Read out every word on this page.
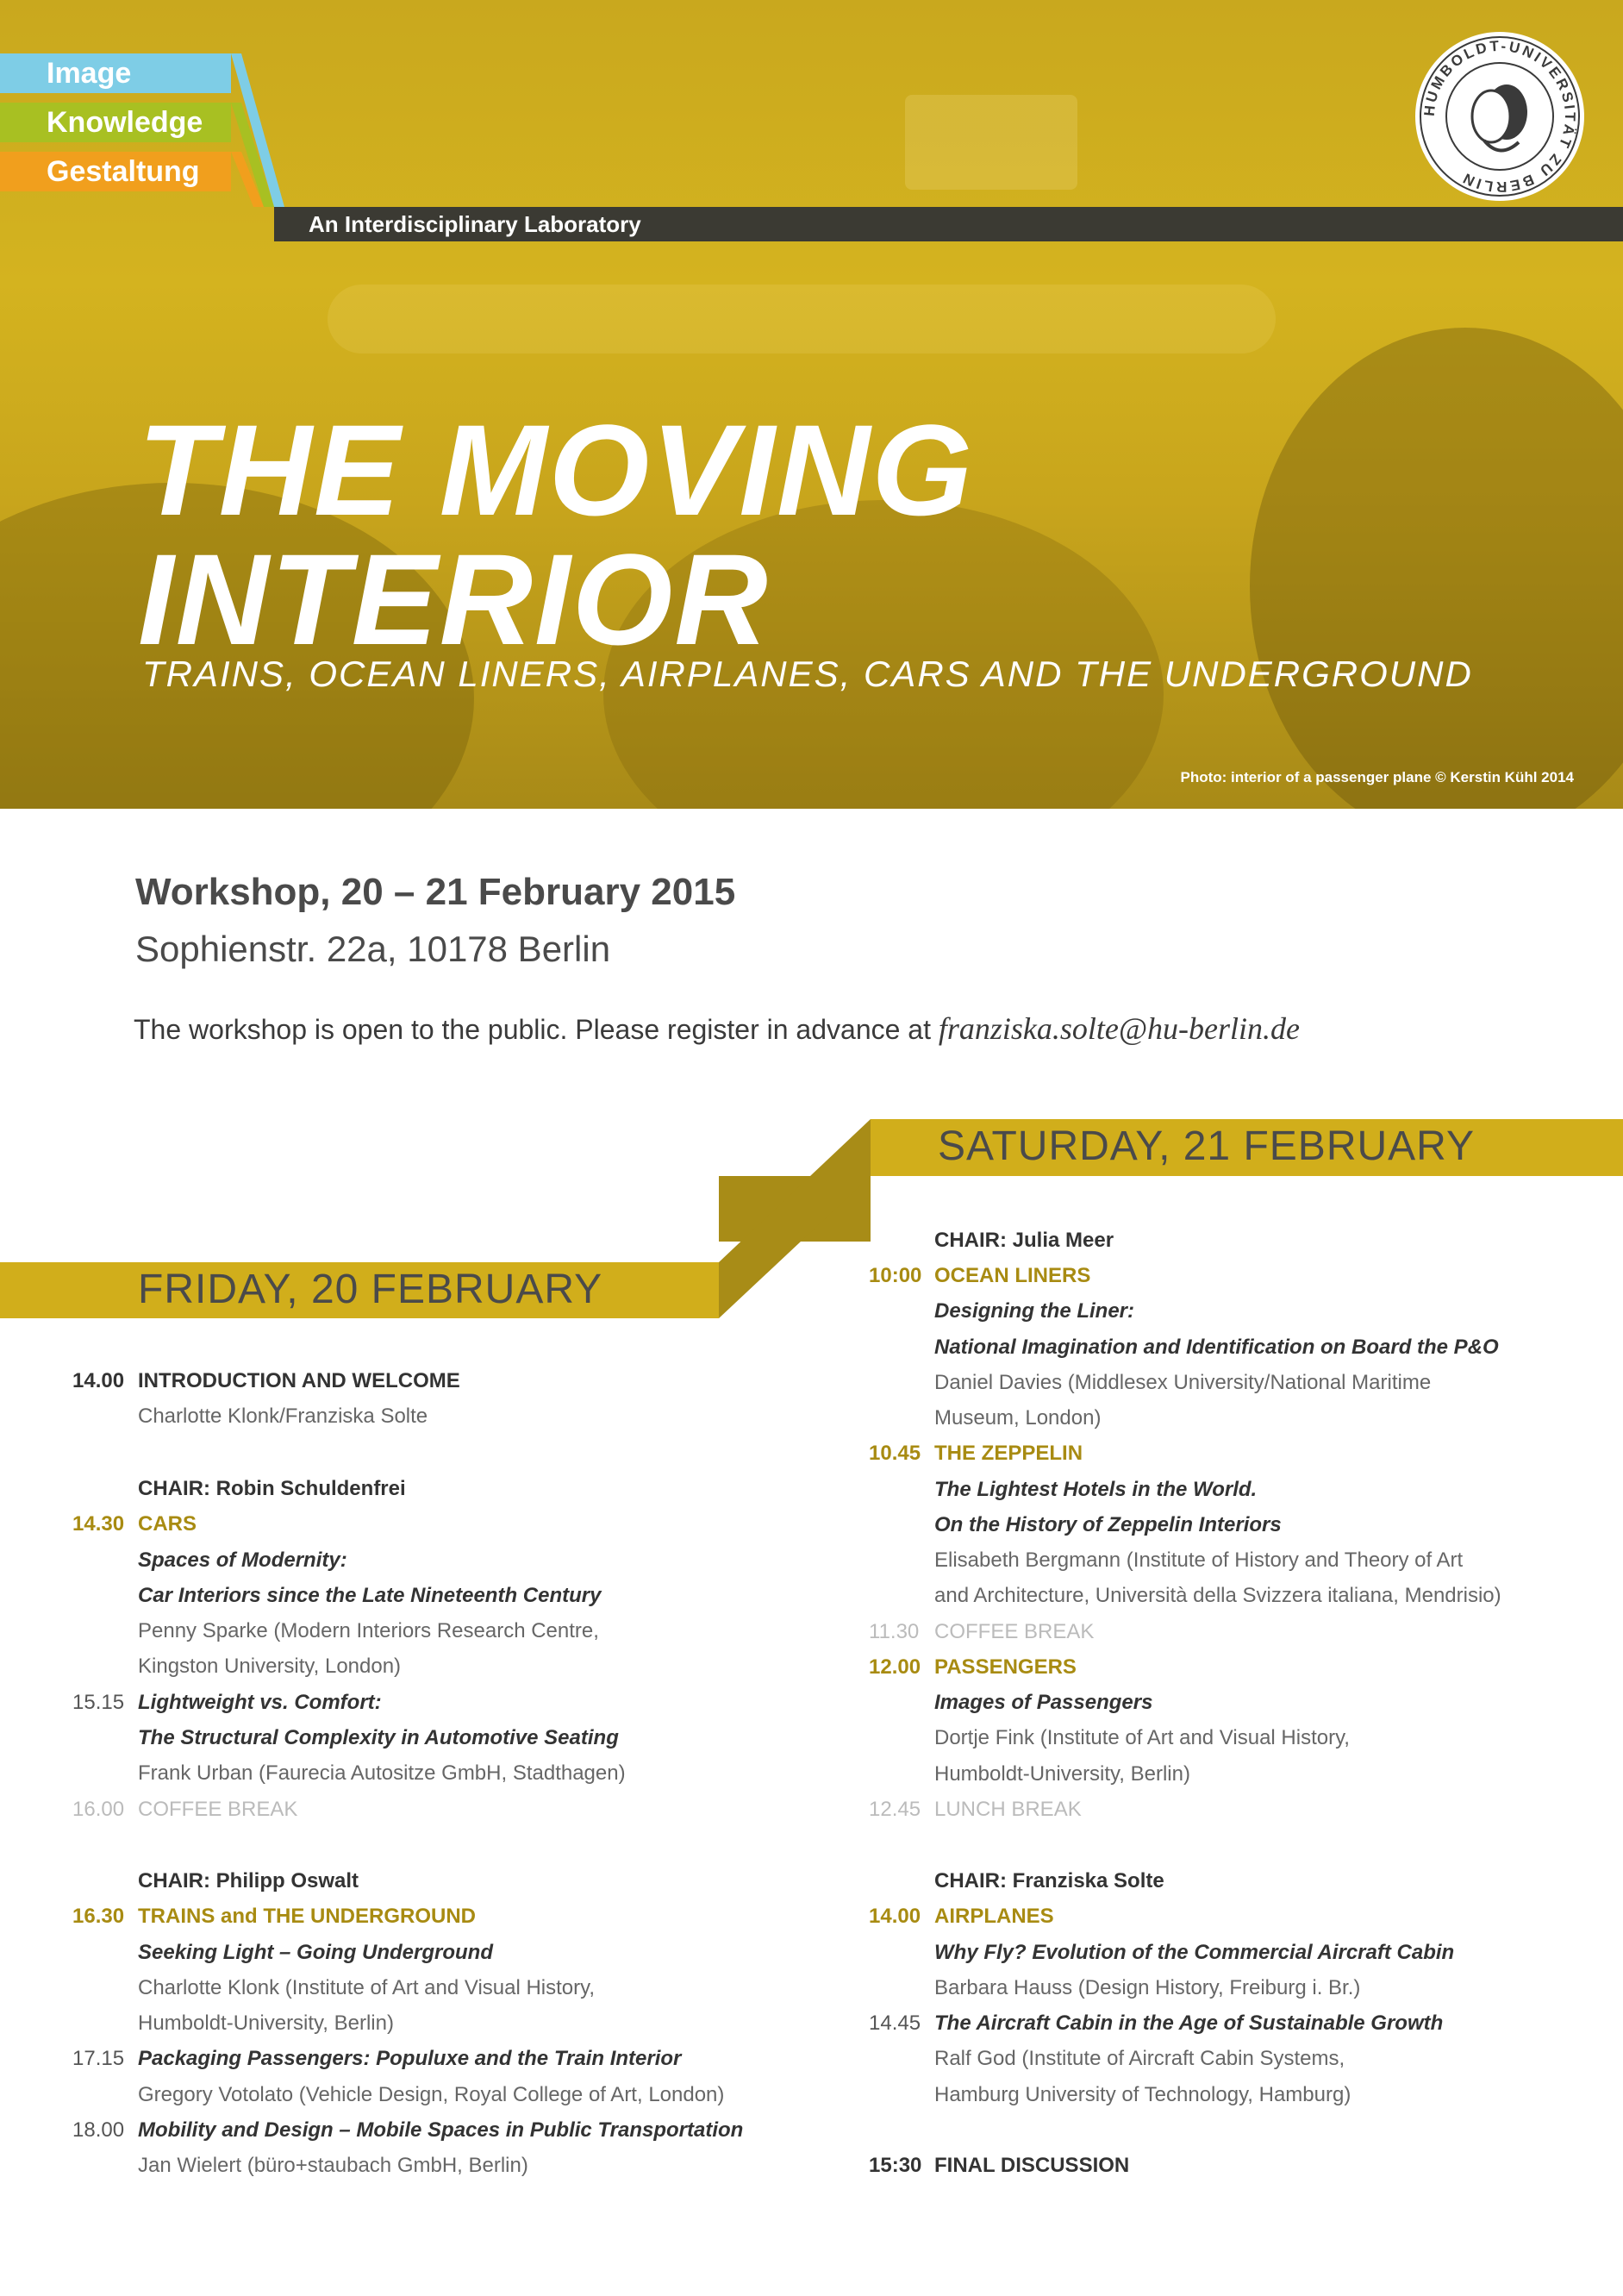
Image
Knowledge
Gestaltung
An Interdisciplinary Laboratory
HUMBOLDT-UNIVERSITÄT ZU BERLIN
THE MOVING
INTERIOR
TRAINS, OCEAN LINERS, AIRPLANES, CARS AND THE UNDERGROUND
Photo: interior of a passenger plane © Kerstin Kühl 2014
Workshop, 20 – 21 February 2015
Sophienstr. 22a, 10178 Berlin
The workshop is open to the public. Please register in advance at franziska.solte@hu-berlin.de
SATURDAY, 21 FEBRUARY
FRIDAY, 20 FEBRUARY
14.00 INTRODUCTION AND WELCOME
Charlotte Klonk/Franziska Solte
CHAIR: Robin Schuldenfrei
14.30 CARS
Spaces of Modernity:
Car Interiors since the Late Nineteenth Century
Penny Sparke (Modern Interiors Research Centre,
Kingston University, London)
15.15 Lightweight vs. Comfort:
The Structural Complexity in Automotive Seating
Frank Urban (Faurecia Autositze GmbH, Stadthagen)
16.00 COFFEE BREAK
CHAIR: Philipp Oswalt
16.30 TRAINS and THE UNDERGROUND
Seeking Light – Going Underground
Charlotte Klonk (Institute of Art and Visual History,
Humboldt-University, Berlin)
17.15 Packaging Passengers: Populuxe and the Train Interior
Gregory Votolato (Vehicle Design, Royal College of Art, London)
18.00 Mobility and Design – Mobile Spaces in Public Transportation
Jan Wielert (büro+staubach GmbH, Berlin)
CHAIR: Julia Meer
10:00 OCEAN LINERS
Designing the Liner:
National Imagination and Identification on Board the P&O
Daniel Davies (Middlesex University/National Maritime
Museum, London)
10.45 THE ZEPPELIN
The Lightest Hotels in the World.
On the History of Zeppelin Interiors
Elisabeth Bergmann (Institute of History and Theory of Art
and Architecture, Università della Svizzera italiana, Mendrisio)
11.30 COFFEE BREAK
12.00 PASSENGERS
Images of Passengers
Dortje Fink (Institute of Art and Visual History,
Humboldt-University, Berlin)
12.45 LUNCH BREAK
CHAIR: Franziska Solte
14.00 AIRPLANES
Why Fly? Evolution of the Commercial Aircraft Cabin
Barbara Hauss (Design History, Freiburg i. Br.)
14.45 The Aircraft Cabin in the Age of Sustainable Growth
Ralf God (Institute of Aircraft Cabin Systems,
Hamburg University of Technology, Hamburg)
15:30 FINAL DISCUSSION
